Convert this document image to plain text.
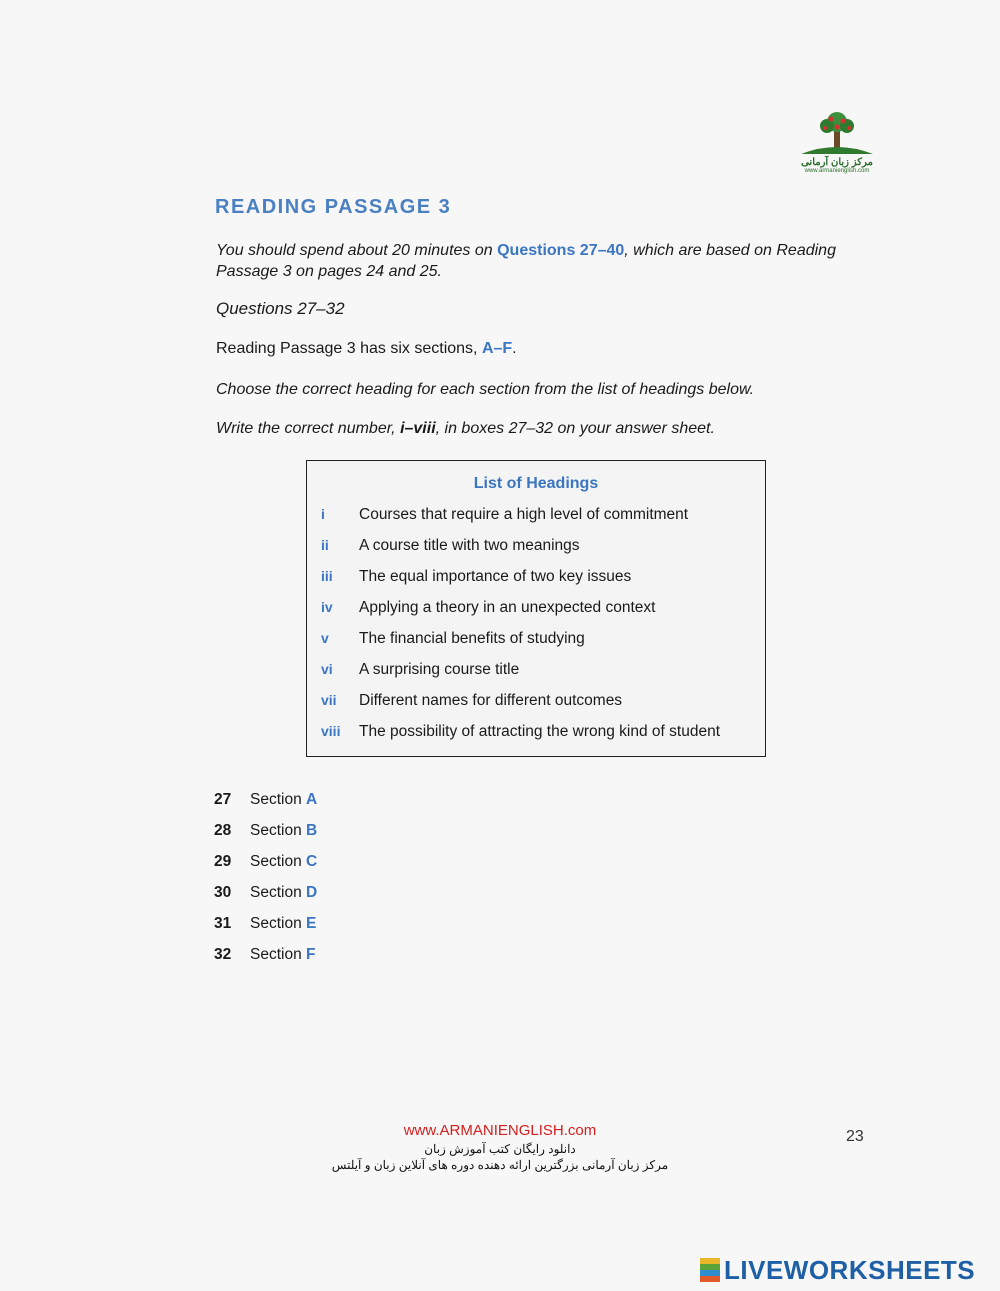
مرکز زبان آرمانی
www.armanienglish.com
READING PASSAGE 3
You should spend about 20 minutes on Questions 27–40, which are based on Reading Passage 3 on pages 24 and 25.
Questions 27–32
Reading Passage 3 has six sections, A–F.
Choose the correct heading for each section from the list of headings below.
Write the correct number, i–viii, in boxes 27–32 on your answer sheet.
List of Headings
i	Courses that require a high level of commitment
ii	A course title with two meanings
iii	The equal importance of two key issues
iv	Applying a theory in an unexpected context
v	The financial benefits of studying
vi	A surprising course title
vii	Different names for different outcomes
viii	The possibility of attracting the wrong kind of student
27 Section A
28 Section B
29 Section C
30 Section D
31 Section E
32 Section F
www.ARMANIENGLISH.com
دانلود رایگان کتب آموزش زبان
مرکز زبان آرمانی بزرگترین ارائه دهنده دوره های آنلاین زبان و آیلتس
23
LIVEWORKSHEETS
